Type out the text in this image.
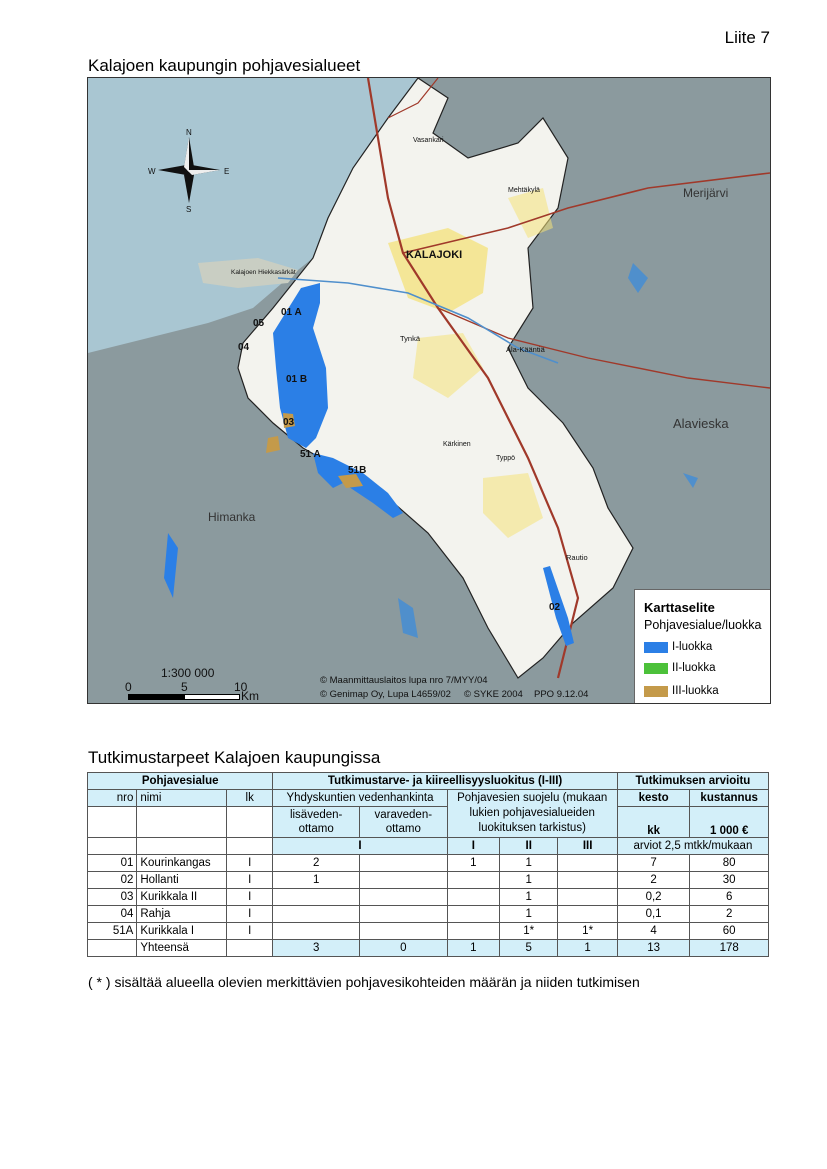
Liite 7
Kalajoen kaupungin pohjavesialueet
N
S
E
W
KALAJOKI
Vasankari
Kalajoen Hiekkasärkät
Tynkä
Ala-Kääntiä
Alavieska
Merijärvi
Himanka
Typpö
Rautio
Kärkinen
Mehtäkylä
01 A
01 B
02
03
04
05
51 A
51B
1:300 000
0	5	10
Km
© Maanmittauslaitos lupa nro 7/MYY/04
© Genimap Oy, Lupa L4659/02 © SYKE 2004 PPO 9.12.04
Karttaselite
Pohjavesialue/luokka
I-luokka
II-luokka
III-luokka
Tutkimustarpeet Kalajoen kaupungissa
Pohjavesialue			Tutkimustarve- ja kiireellisyysluokitus (I-III)					Tutkimuksen arvioitu	
nro	nimi	lk	Yhdyskuntien vedenhankinta		Pohjavesien suojelu (mukaan lukien pohjavesialueiden luokituksen tarkistus)			kesto	kustannus
			lisäveden-ottamo	varaveden-ottamo				kk	1 000 €
			I		I	II	III	arviot 2,5 mtkk/mukaan	
01	Kourinkangas	I	2		1	1		7	80
02	Hollanti	I	1			1		2	30
03	Kurikkala II	I				1		0,2	6
04	Rahja	I				1		0,1	2
51A	Kurikkala I	I				1*	1*	4	60
	Yhteensä		3	0	1	5	1	13	178
( * ) sisältää alueella olevien merkittävien pohjavesikohteiden määrän ja niiden tutkimisen
